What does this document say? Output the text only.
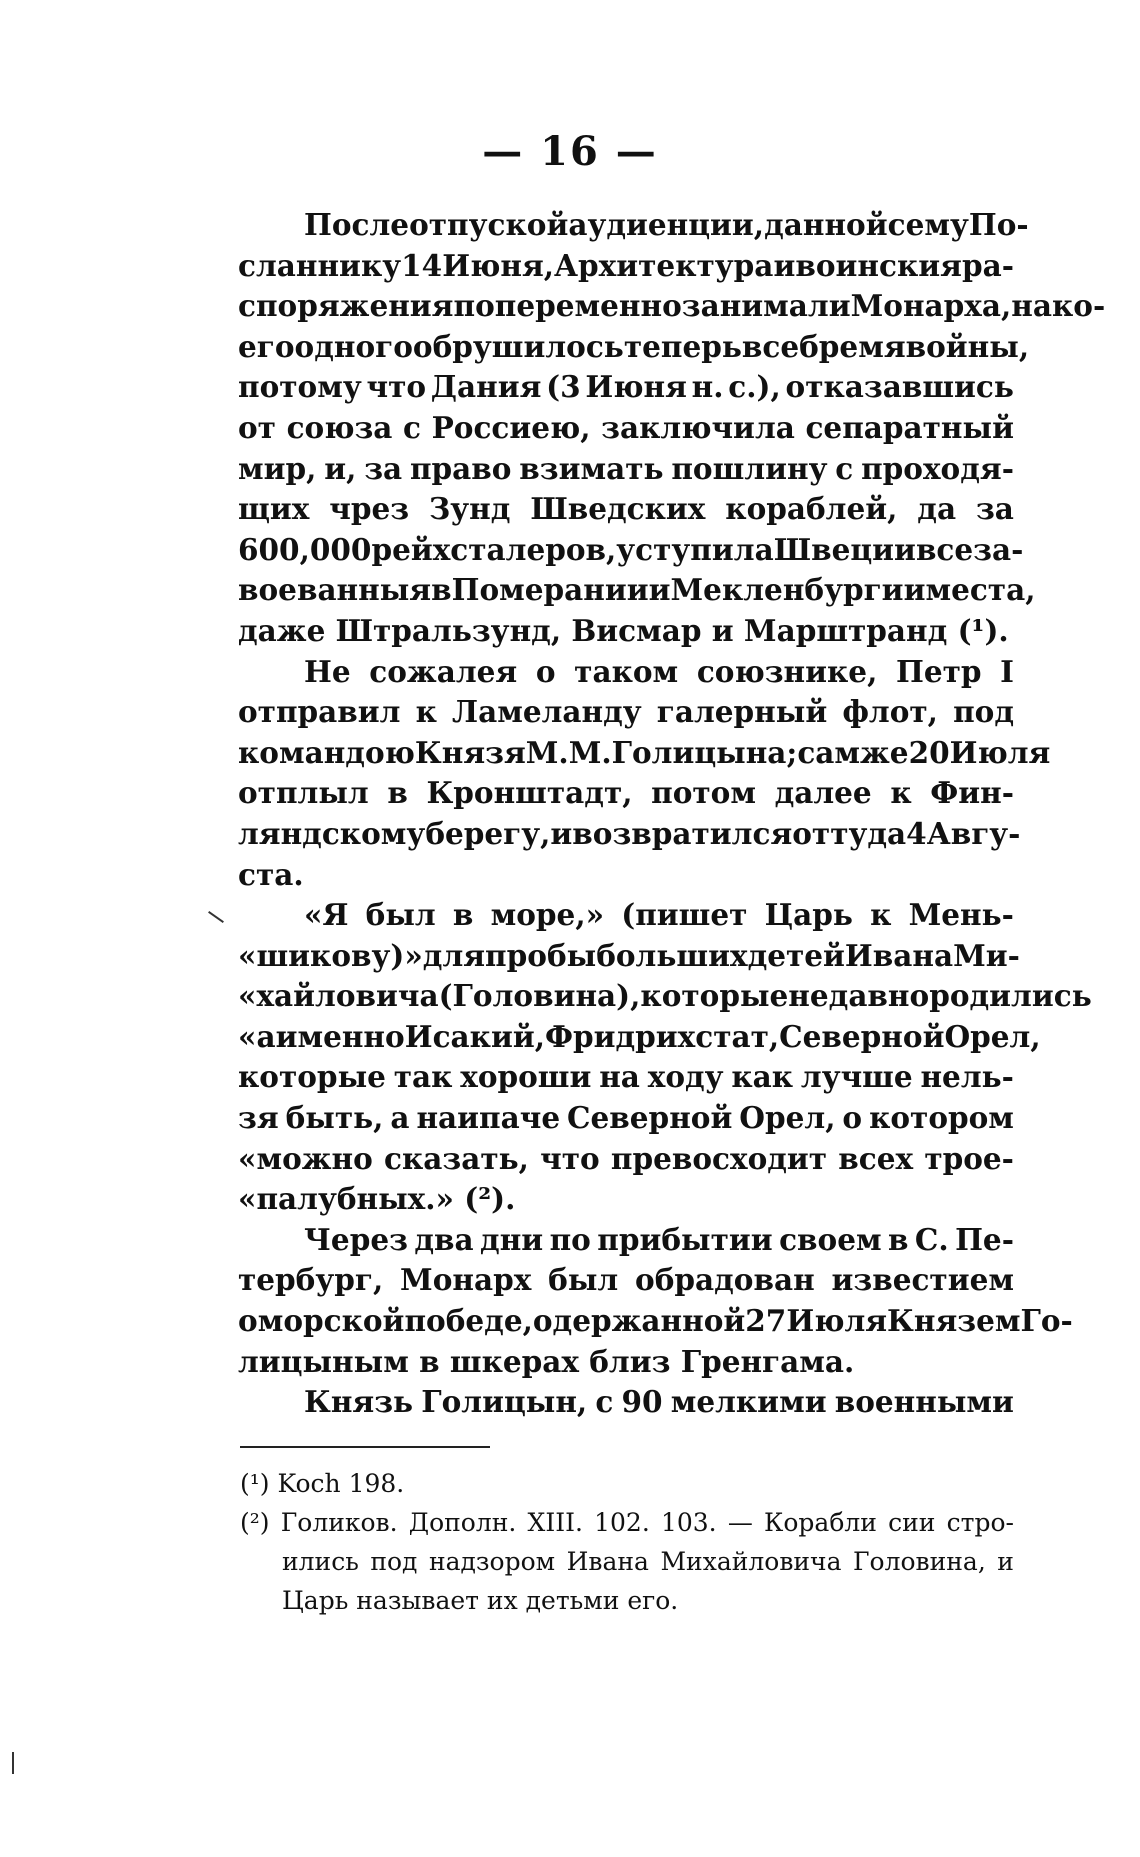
— 16 —
После отпуской аудиенции, данной сему По-
сланнику 14 Июня, Архитектура и воинския ра-
споряжения попеременно занимали Монарха, на ко-
его одного обрушилось теперь все бремя войны,
потому что Дания (3 Июня н. с.), отказавшись
от союза с Россиею, заключила сепаратный
мир, и, за право взимать пошлину с проходя-
щих чрез Зунд Шведских кораблей, да за
600,000 рейхсталеров, уступила Швеции все за-
воеванныя в Померании и Мекленбургии места,
даже Штральзунд, Висмар и Марштранд (¹).
Не сожалея о таком союзнике, Петр I
отправил к Ламеланду галерный флот, под
командою Князя М. М. Голицына; сам же 20 Июля
отплыл в Кронштадт, потом далее к Фин-
ляндскому берегу, и возвратился оттуда 4 Авгу-
ста.
«Я был в море,» (пишет Царь к Мень-
«шикову)» для пробы больших детей Ивана Ми-
«хайловича (Головина), которые недавно родились
«а именно Исакий, Фридрихстат, Северной Орел,
которые так хороши на ходу как лучше нель-
зя быть, а наипаче Северной Орел, о котором
«можно сказать, что превосходит всех трое-
«палубных.» (²).
Через два дни по прибытии своем в С. Пе-
тербург, Монарх был обрадован известием
о морской победе, одержанной 27 Июля Князем Го-
лицыным в шкерах близ Гренгама.
Князь Голицын, с 90 мелкими военными
(¹) Koch 198.
(²) Голиков. Дополн. XIII. 102. 103. — Корабли сии стро-
ились под надзором Ивана Михайловича Головина, и
Царь называет их детьми его.
